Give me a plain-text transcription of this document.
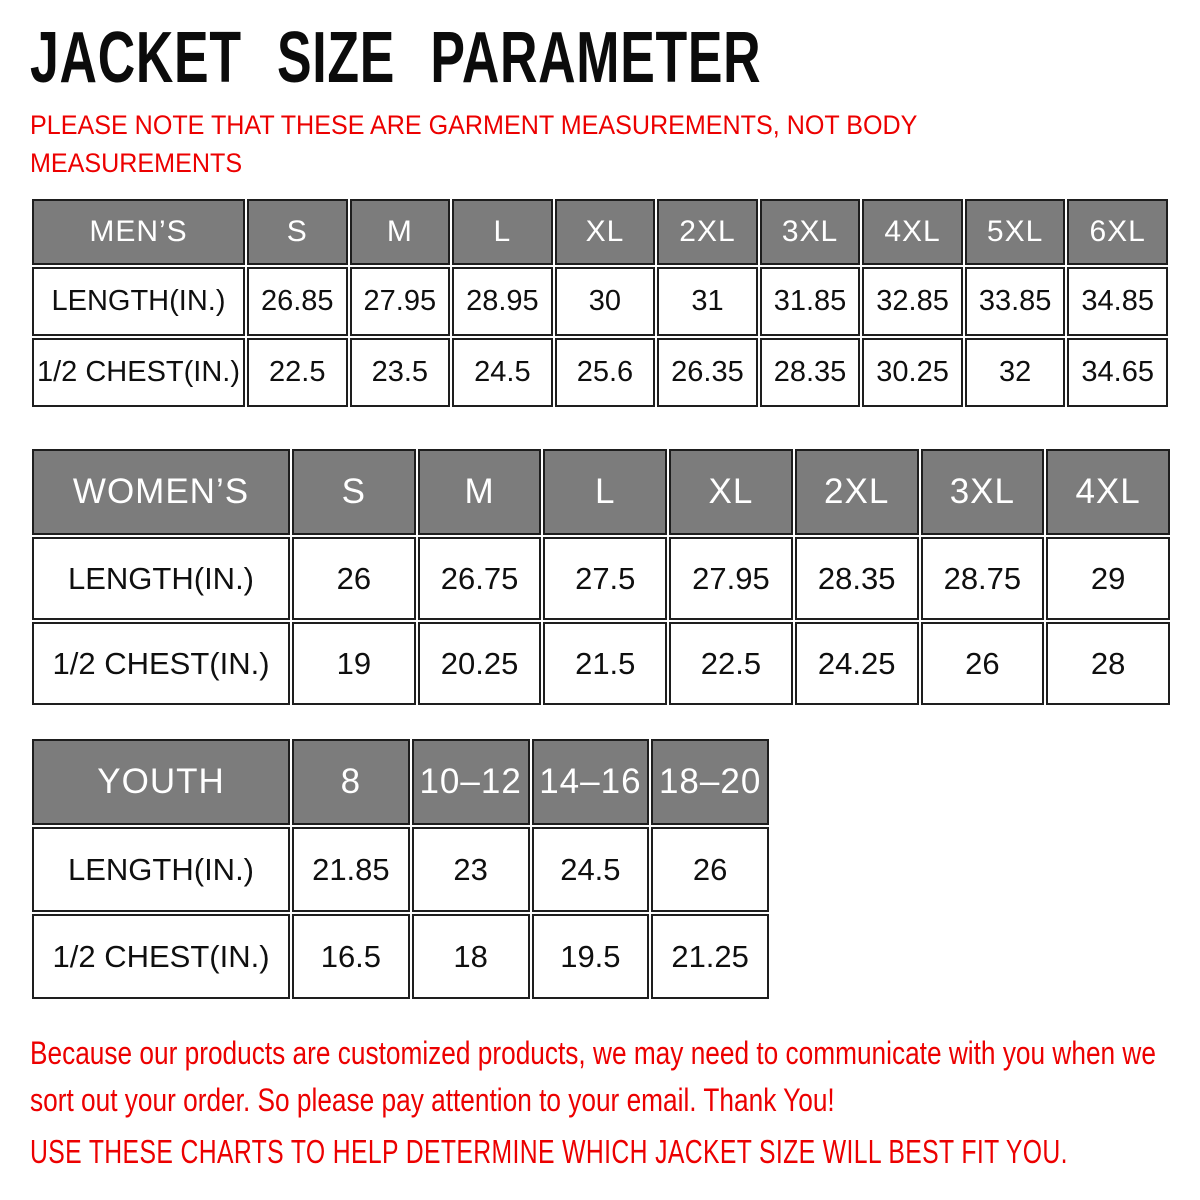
JACKET SIZE PARAMETER

PLEASE NOTE THAT THESE ARE GARMENT MEASUREMENTS, NOT BODY MEASUREMENTS

MEN’S	S	M	L	XL	2XL	3XL	4XL	5XL	6XL
LENGTH(IN.)	26.85	27.95	28.95	30	31	31.85	32.85	33.85	34.85
1/2 CHEST(IN.)	22.5	23.5	24.5	25.6	26.35	28.35	30.25	32	34.65
WOMEN’S	S	M	L	XL	2XL	3XL	4XL
LENGTH(IN.)	26	26.75	27.5	27.95	28.35	28.75	29
1/2 CHEST(IN.)	19	20.25	21.5	22.5	24.25	26	28
YOUTH	8	10–12	14–16	18–20
LENGTH(IN.)	21.85	23	24.5	26
1/2 CHEST(IN.)	16.5	18	19.5	21.25

Because our products are customized products, we may need to communicate with you when we sort out your order. So please pay attention to your email. Thank You!

USE THESE CHARTS TO HELP DETERMINE WHICH JACKET SIZE WILL BEST FIT YOU.
